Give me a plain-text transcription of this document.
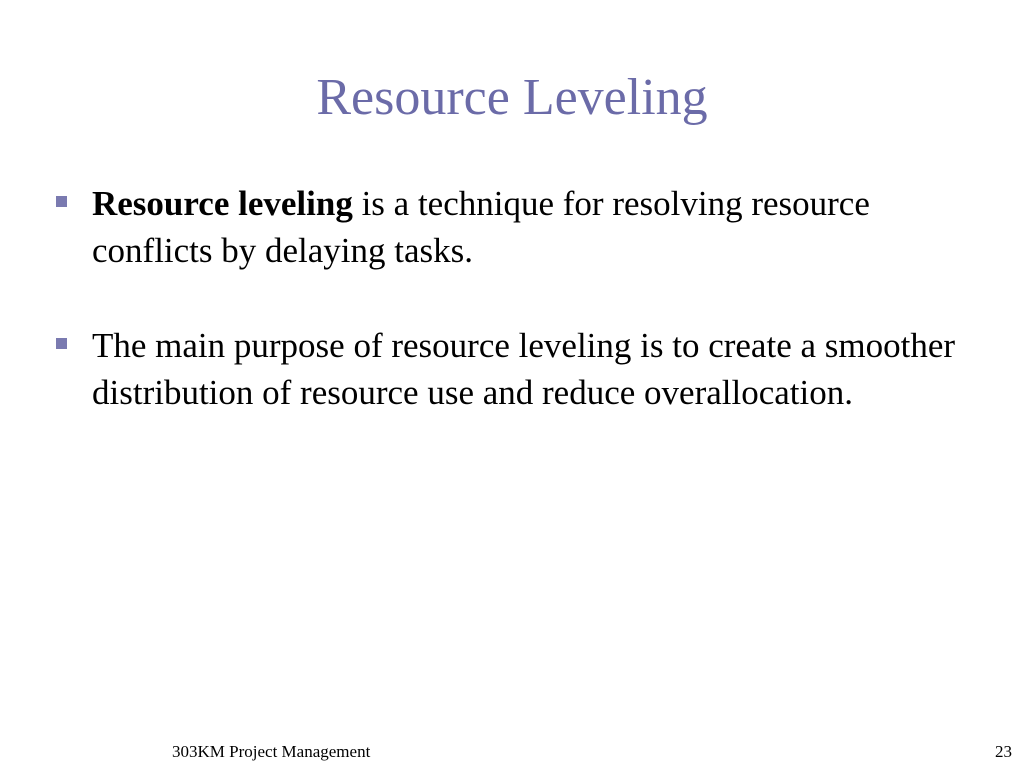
Resource Leveling
Resource leveling is a technique for resolving resource conflicts by delaying tasks.
The main purpose of resource leveling is to create a smoother distribution of resource use and reduce overallocation.
303KM Project Management	23
